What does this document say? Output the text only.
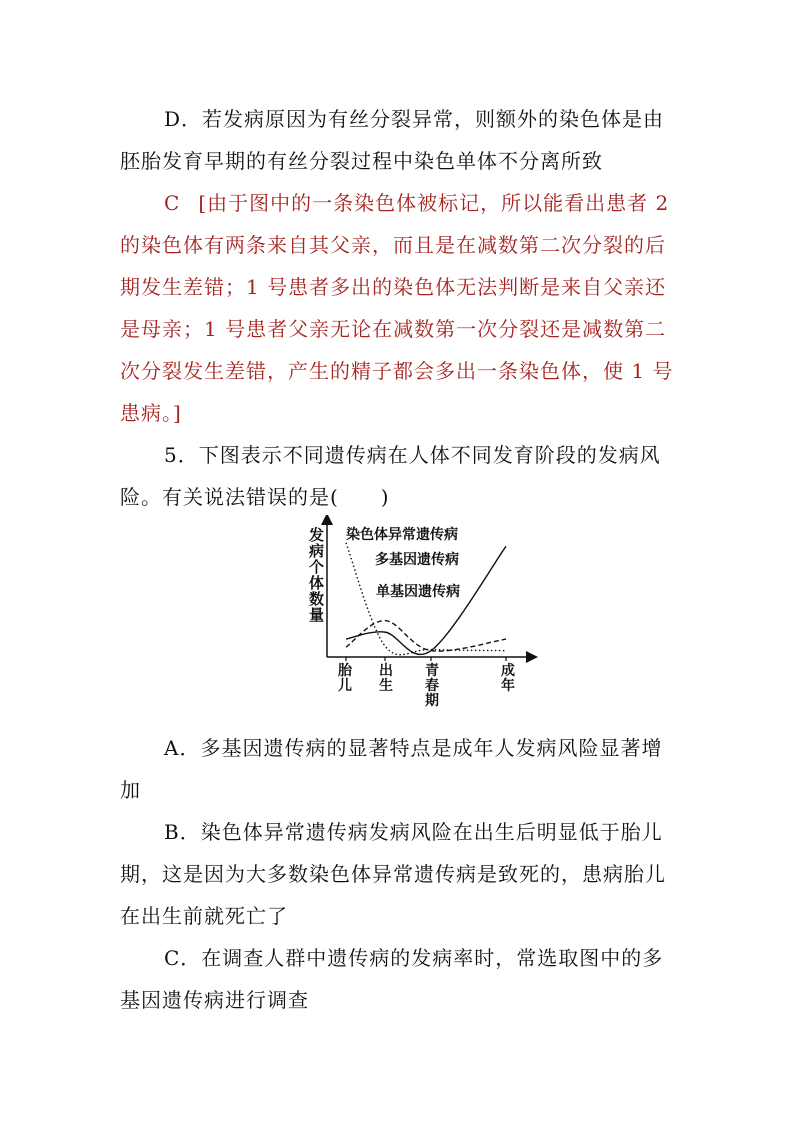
D．若发病原因为有丝分裂异常，则额外的染色体是由胚胎发育早期的有丝分裂过程中染色单体不分离所致
C [由于图中的一条染色体被标记，所以能看出患者 2 的染色体有两条来自其父亲，而且是在减数第二次分裂的后期发生差错；1 号患者多出的染色体无法判断是来自父亲还是母亲；1 号患者父亲无论在减数第一次分裂还是减数第二次分裂发生差错，产生的精子都会多出一条染色体，使 1 号患病。]
5．下图表示不同遗传病在人体不同发育阶段的发病风险。有关说法错误的是(　　)
发病个体数量
胎儿
出生
青春期
成年
染色体异常遗传病
多基因遗传病
单基因遗传病
A．多基因遗传病的显著特点是成年人发病风险显著增加
B．染色体异常遗传病发病风险在出生后明显低于胎儿期，这是因为大多数染色体异常遗传病是致死的，患病胎儿在出生前就死亡了
C．在调查人群中遗传病的发病率时，常选取图中的多基因遗传病进行调查
